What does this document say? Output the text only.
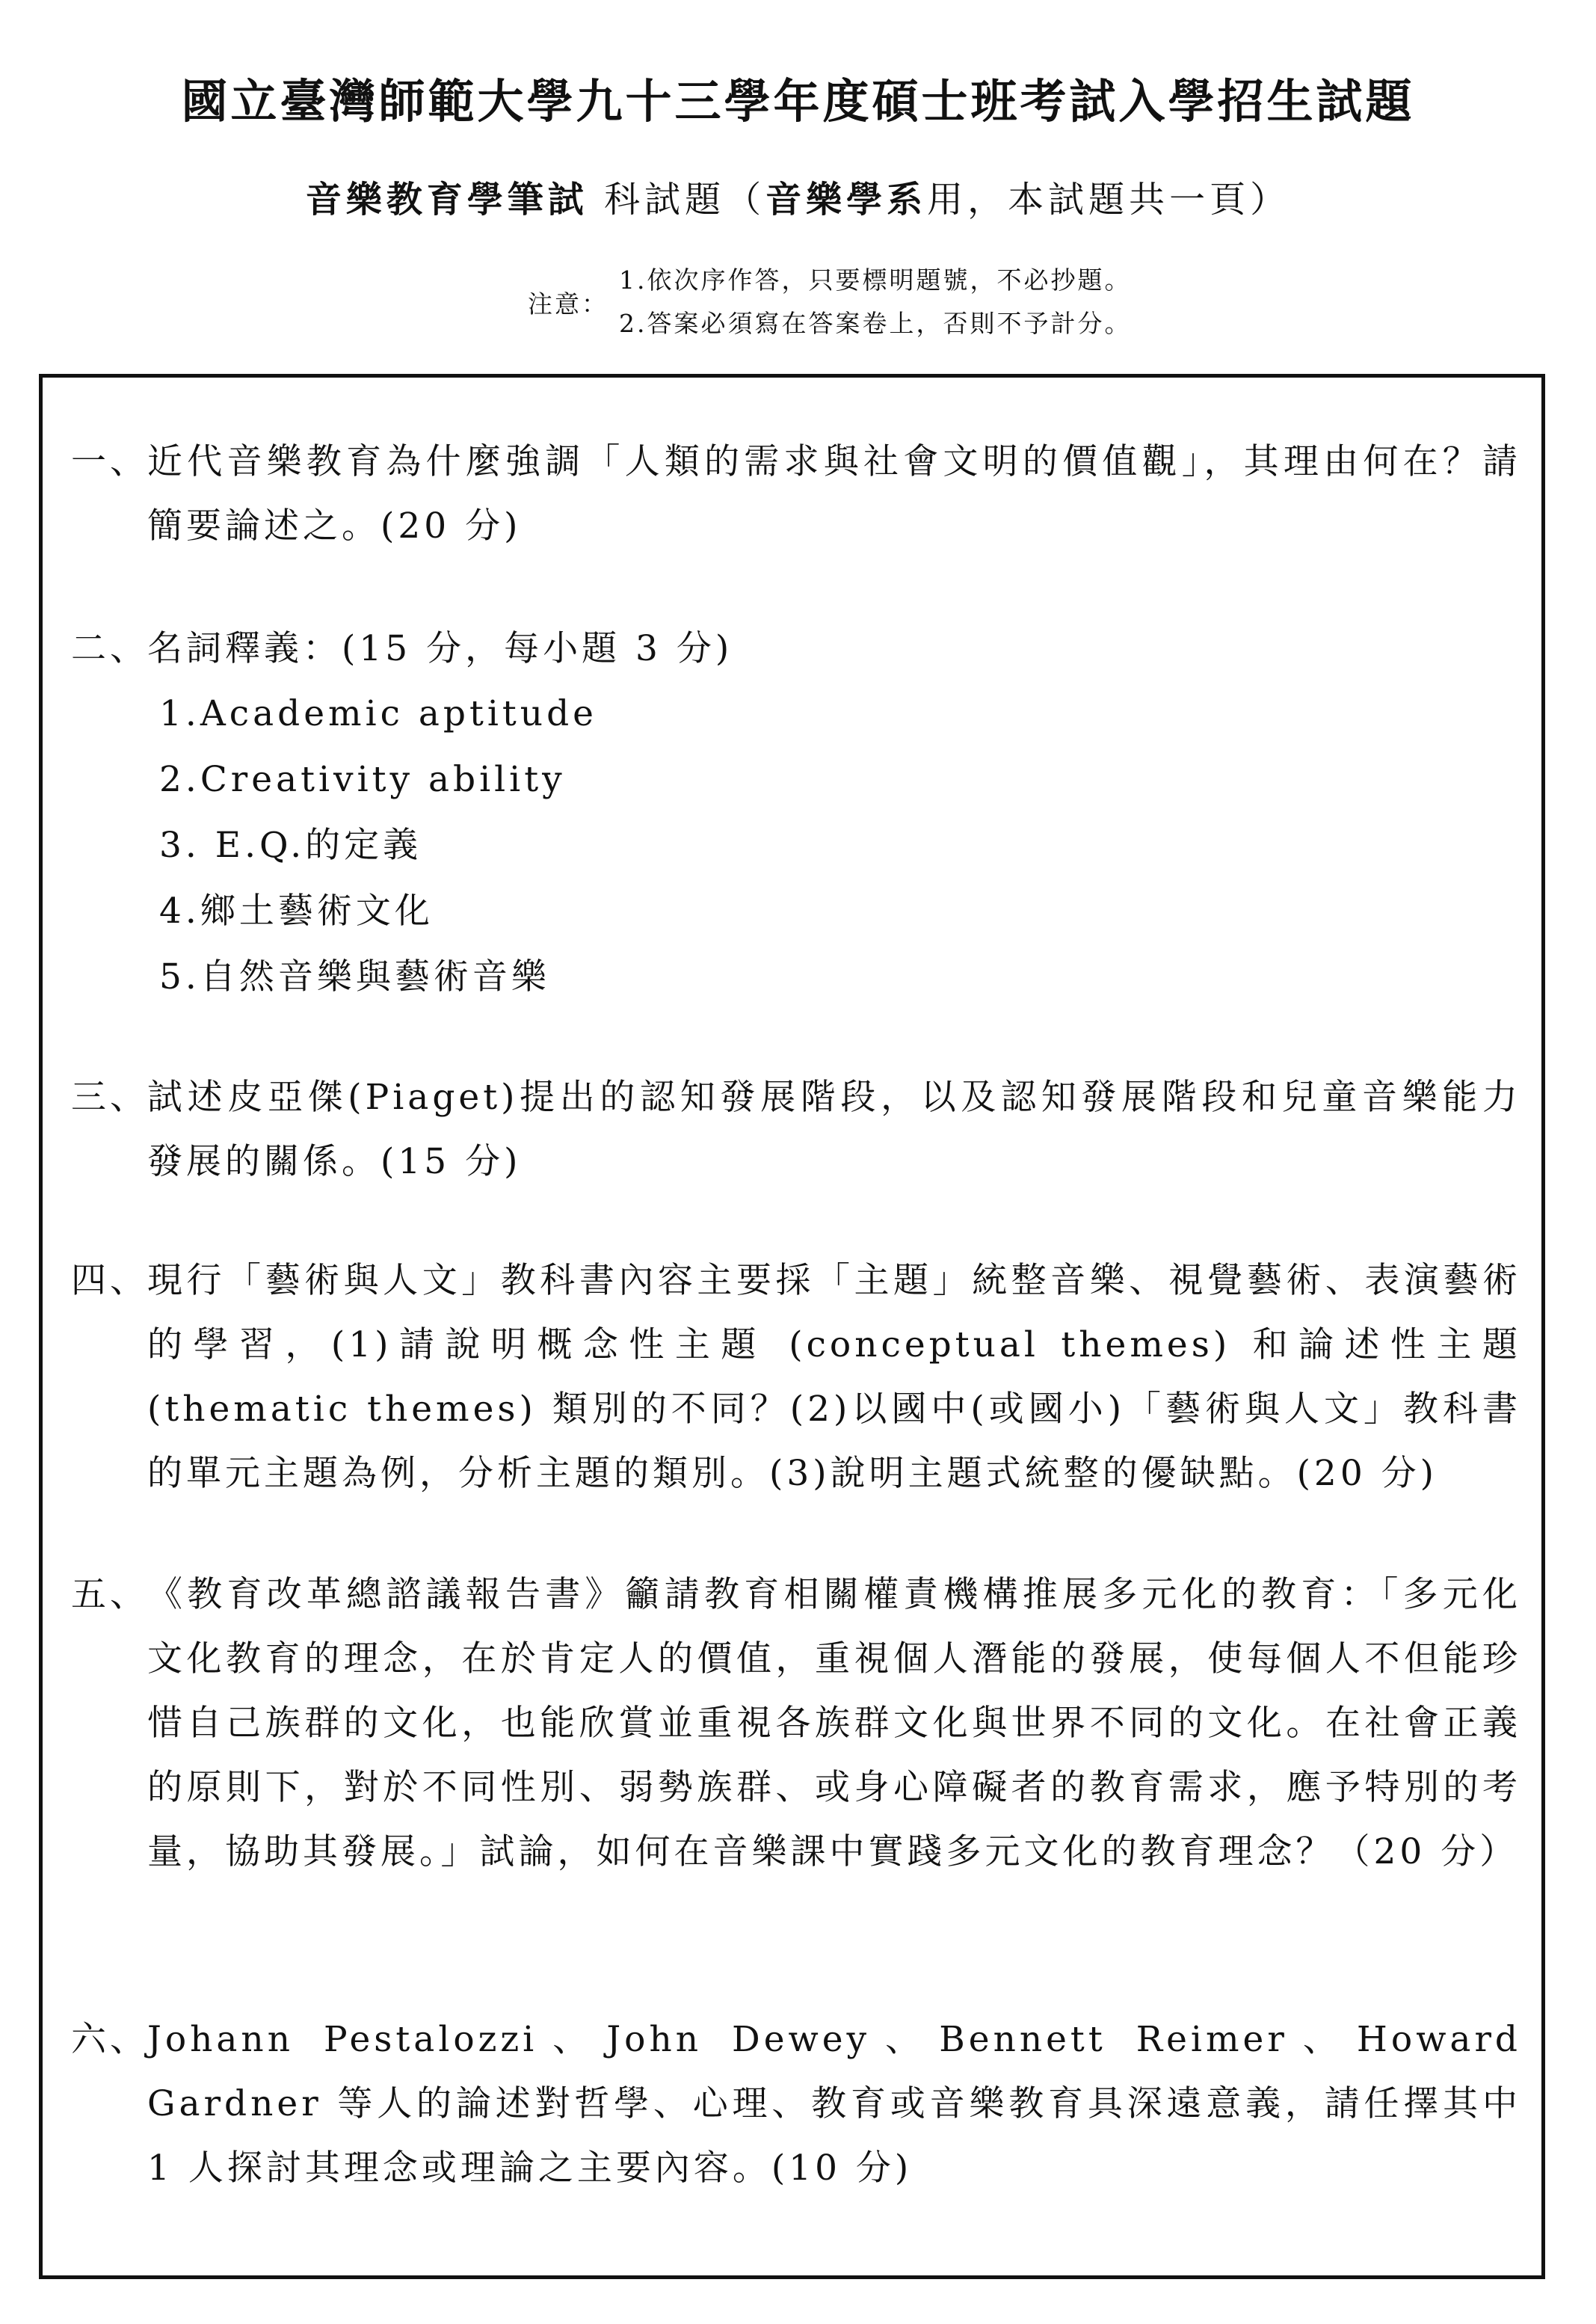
國立臺灣師範大學九十三學年度碩士班考試入學招生試題
音樂教育學筆試 科試題（音樂學系用，本試題共一頁）
注意：
1.依次序作答，只要標明題號，不必抄題。
2.答案必須寫在答案卷上，否則不予計分。
一、
近代音樂教育為什麼強調「人類的需求與社會文明的價值觀」，其理由何在？請簡要論述之。(20 分)
二、
名詞釋義：(15 分，每小題 3 分)
1.Academic aptitude
2.Creativity ability
3. E.Q.的定義
4.鄉土藝術文化
5.自然音樂與藝術音樂
三、
試述皮亞傑(Piaget)提出的認知發展階段，以及認知發展階段和兒童音樂能力發展的關係。(15 分)
四、
現行「藝術與人文」教科書內容主要採「主題」統整音樂、視覺藝術、表演藝術的學習，(1)請說明概念性主題 (conceptual themes) 和論述性主題 (thematic themes) 類別的不同？(2)以國中(或國小)「藝術與人文」教科書的單元主題為例，分析主題的類別。(3)說明主題式統整的優缺點。(20 分)
五、
《教育改革總諮議報告書》籲請教育相關權責機構推展多元化的教育：「多元化文化教育的理念，在於肯定人的價值，重視個人潛能的發展，使每個人不但能珍惜自己族群的文化，也能欣賞並重視各族群文化與世界不同的文化。在社會正義的原則下，對於不同性別、弱勢族群、或身心障礙者的教育需求，應予特別的考量，協助其發展。」試論，如何在音樂課中實踐多元文化的教育理念？（20 分）
六、
Johann Pestalozzi、John Dewey、Bennett Reimer、Howard Gardner 等人的論述對哲學、心理、教育或音樂教育具深遠意義，請任擇其中 1 人探討其理念或理論之主要內容。(10 分)
